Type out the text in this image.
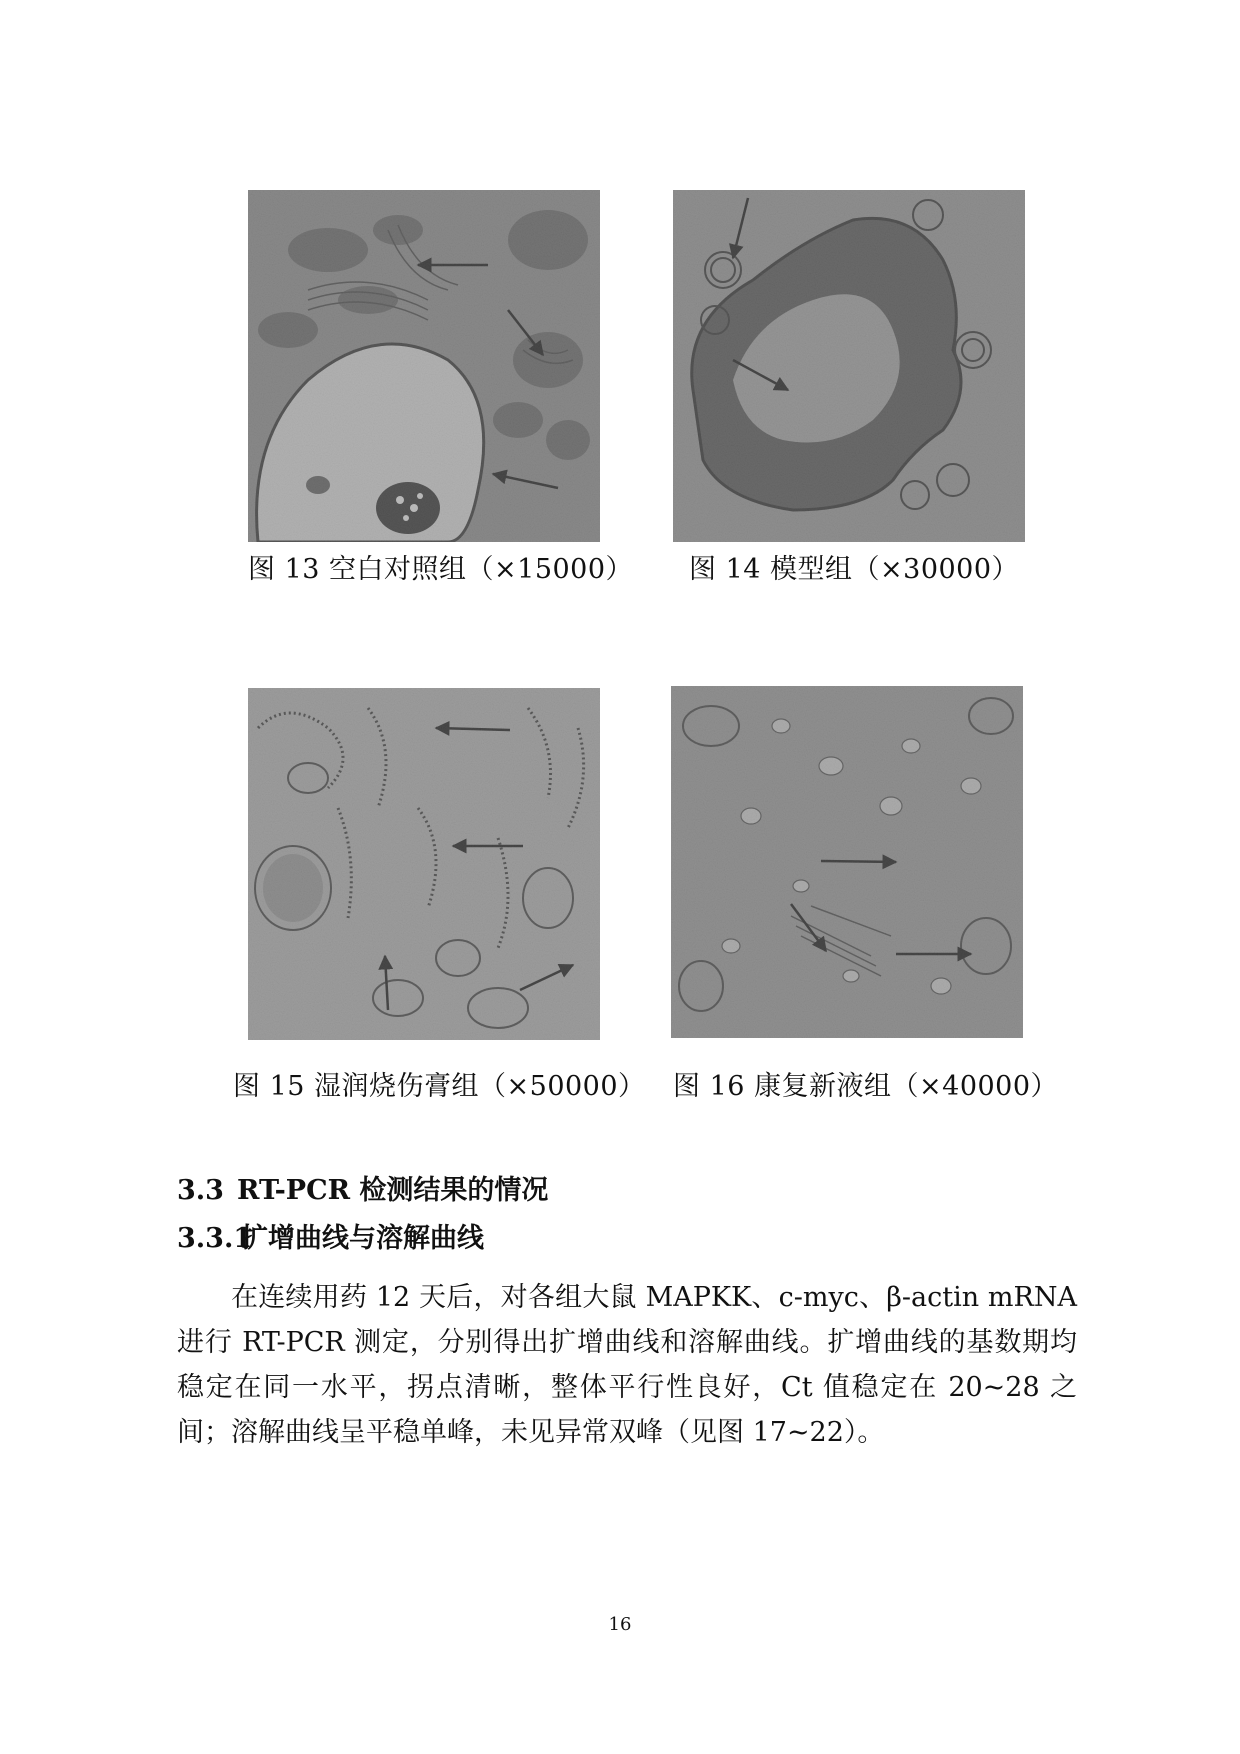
图 13 空白对照组（×15000） 图 14 模型组（×30000）
图 15 湿润烧伤膏组（×50000） 图 16 康复新液组（×40000）
3.3 RT-PCR 检测结果的情况
3.3.1扩增曲线与溶解曲线

在连续用药 12 天后，对各组大鼠 MAPKK、c-myc、β-actin mRNA 进行 RT-PCR 测定，分别得出扩增曲线和溶解曲线。扩增曲线的基数期均稳定在同一水平，拐点清晰，整体平行性良好，Ct 值稳定在 20~28 之间；溶解曲线呈平稳单峰，未见异常双峰（见图 17~22）。

16
